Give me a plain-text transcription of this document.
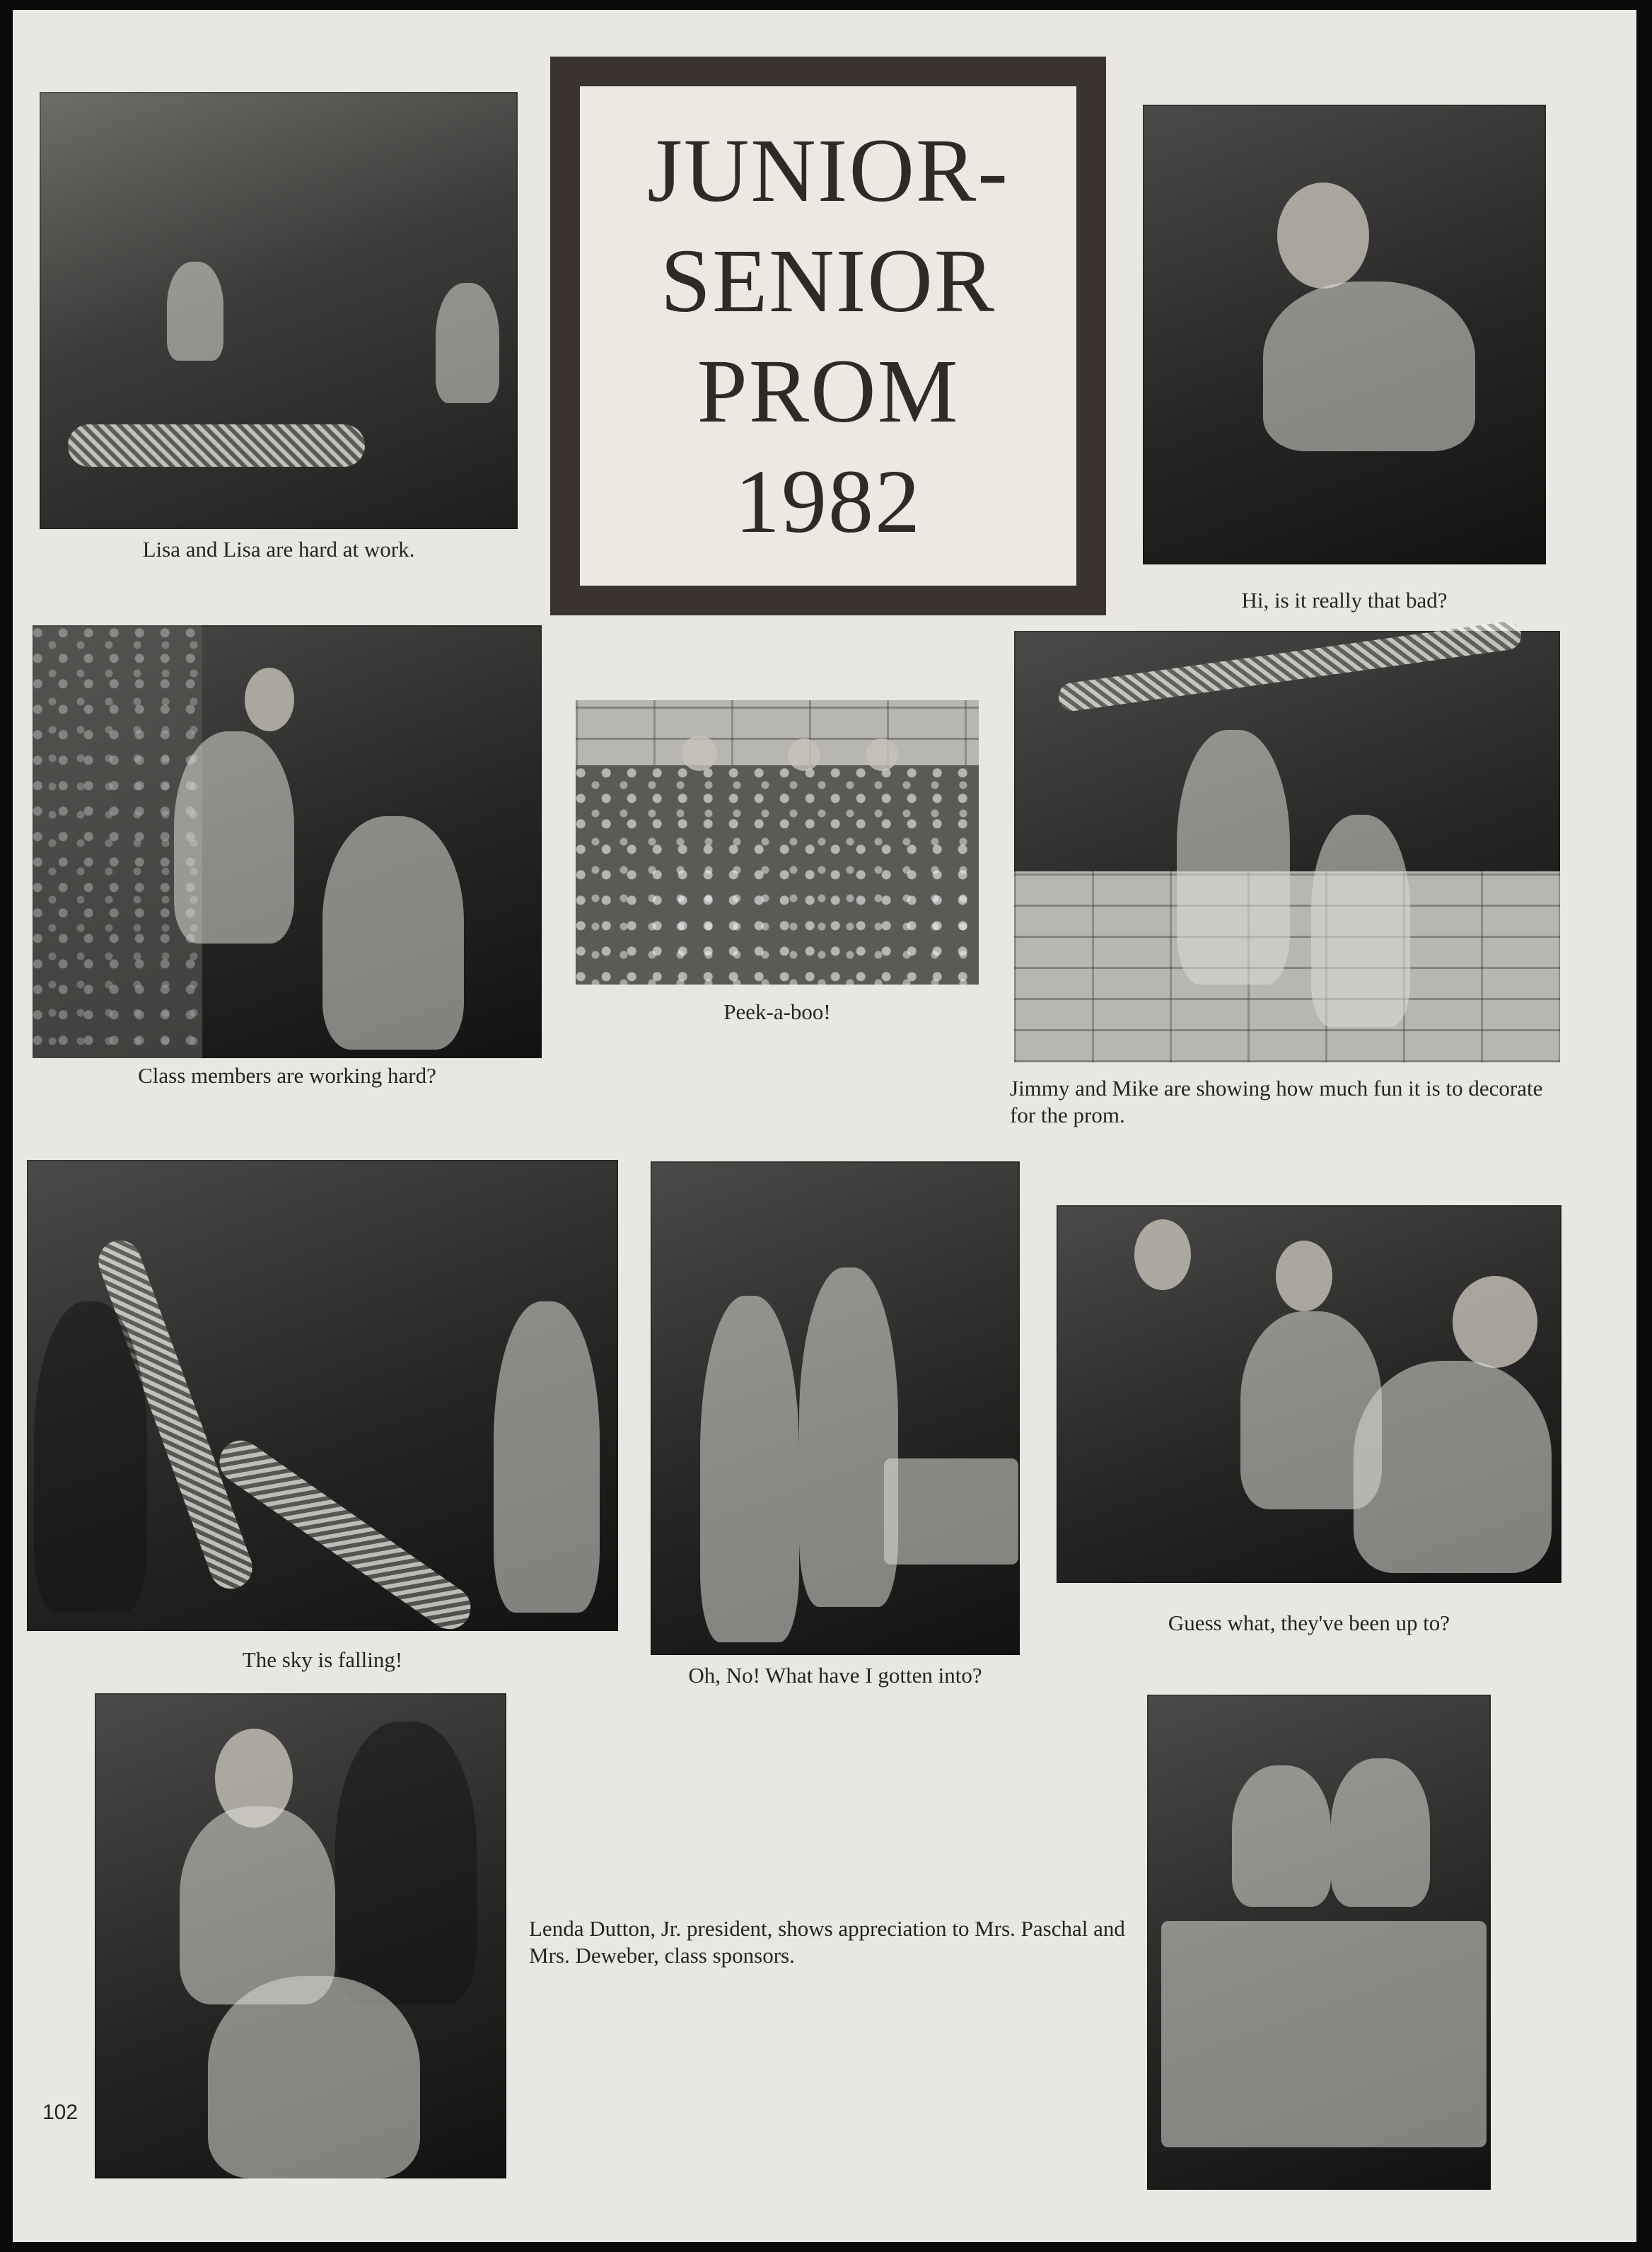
Lisa and Lisa are hard at work.
JUNIOR-
SENIOR
PROM
1982
Hi, is it really that bad?
Class members are working hard?
Peek-a-boo!
Jimmy and Mike are showing how much fun it is to decorate for the prom.
The sky is falling!
Oh, No! What have I gotten into?
Guess what, they've been up to?
Lenda Dutton, Jr. president, shows appreciation to Mrs. Paschal and Mrs. Deweber, class sponsors.
102
